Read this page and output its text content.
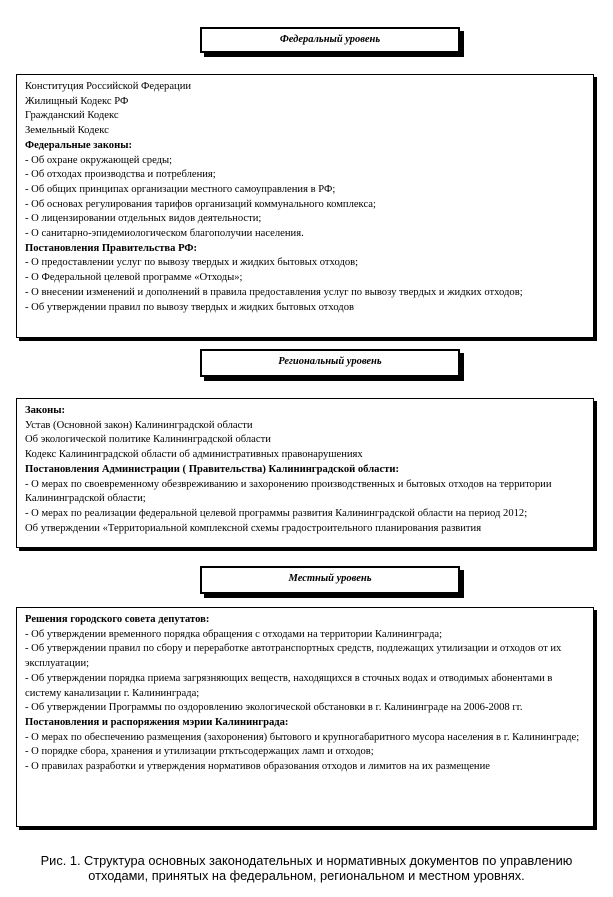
Федеральный уровень
Конституция Российской Федерации
Жилищный Кодекс РФ
Гражданский Кодекс
Земельный Кодекс
Федеральные законы:
- Об охране окружающей среды;
- Об отходах производства и потребления;
- Об общих принципах организации местного самоуправления в РФ;
- Об основах регулирования тарифов организаций коммунального комплекса;
- О лицензировании отдельных видов деятельности;
- О санитарно-эпидемиологическом благополучии населения.
Постановления Правительства РФ:
- О предоставлении услуг по вывозу твердых и жидких бытовых отходов;
- О Федеральной целевой программе «Отходы»;
- О внесении изменений и дополнений в правила предоставления услуг по вывозу твердых и жидких отходов;
- Об утверждении правил по вывозу твердых и жидких бытовых отходов
Региональный уровень
Законы:
Устав (Основной закон) Калининградской области
Об экологической политике Калининградской области
Кодекс Калининградской области об административных правонарушениях
Постановления Администрации ( Правительства) Калининградской области:
- О мерах по своевременному обезвреживанию и захоронению производственных и бытовых отходов на территории Калининградской области;
- О мерах по реализации федеральной целевой программы развития Калининградской области на период 2012;
Об утверждении «Территориальной комплексной схемы градостроительного планирования развития
Местный уровень
Решения городского совета депутатов:
- Об утверждении временного порядка обращения с отходами на территории Калининграда;
- Об утверждении правил по сбору и переработке автотранспортных средств, подлежащих утилизации и отходов от их эксплуатации;
- Об утверждении порядка приема загрязняющих веществ, находящихся в сточных водах и отводимых абонентами в систему канализации г. Калининграда;
- Об утверждении Программы по оздоровлению экологической обстановки в г. Калининграде на 2006-2008 гг.
Постановления и распоряжения мэрии Калининграда:
- О мерах по обеспечению размещения (захоронения) бытового и крупногабаритного мусора населения в г. Калининграде;
- О порядке сбора, хранения и утилизации ртктьсодержащих ламп и отходов;
- О правилах разработки и утверждения нормативов образования отходов и лимитов на их размещение
Рис. 1. Структура основных законодательных и нормативных документов по управлению
отходами, принятых на федеральном, региональном и местном уровнях.
